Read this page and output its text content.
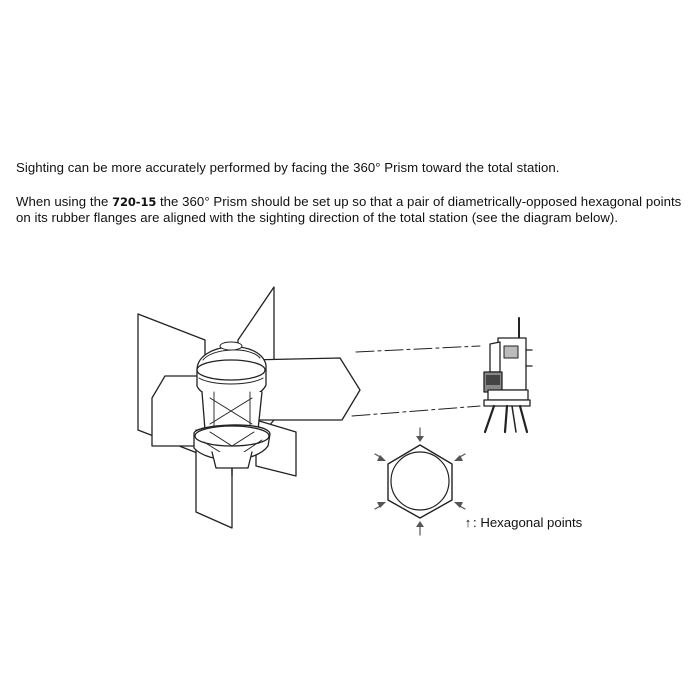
Sighting can be more accurately performed by facing the 360° Prism toward the total station.

When using the 720-15 the 360° Prism should be set up so that a pair of diametrically-opposed hexagonal points on its rubber flanges are aligned with the sighting direction of the total station (see the diagram below).

↑ : Hexagonal points
